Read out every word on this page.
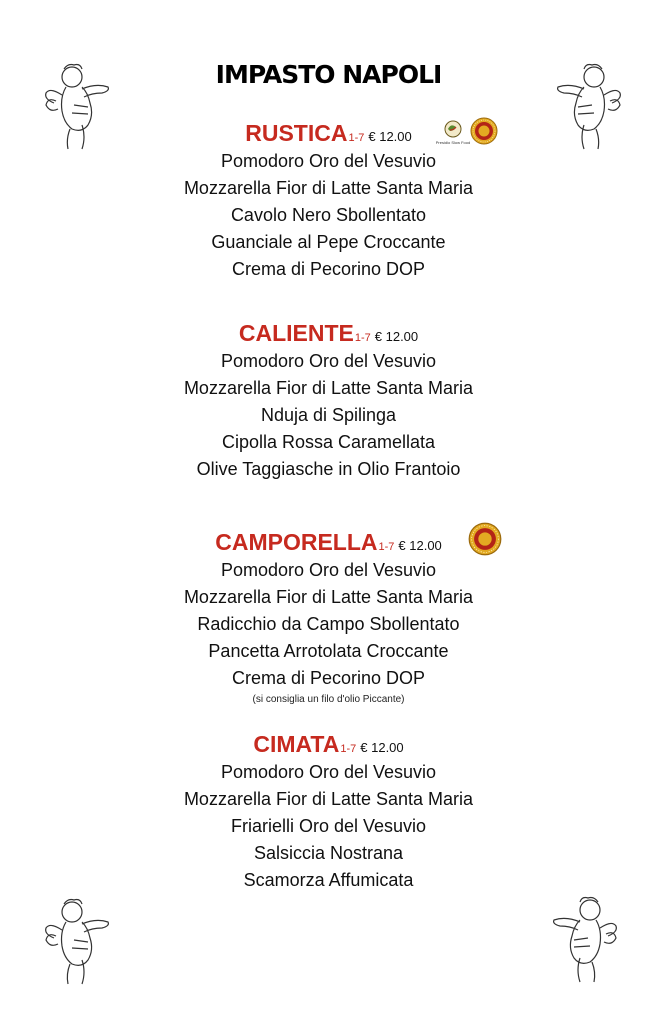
IMPASTO NAPOLI
RUSTICA1-7 € 12.00
Pomodoro Oro del Vesuvio
Mozzarella Fior di Latte Santa Maria
Cavolo Nero Sbollentato
Guanciale al Pepe Croccante
Crema di Pecorino DOP
Presidio Slow Food
CALIENTE1-7 € 12.00
Pomodoro Oro del Vesuvio
Mozzarella Fior di Latte Santa Maria
Nduja di Spilinga
Cipolla Rossa Caramellata
Olive Taggiasche in Olio Frantoio
CAMPORELLA1-7 € 12.00
Pomodoro Oro del Vesuvio
Mozzarella Fior di Latte Santa Maria
Radicchio da Campo Sbollentato
Pancetta Arrotolata Croccante
Crema di Pecorino DOP
(si consiglia un filo d'olio Piccante)
CIMATA1-7 € 12.00
Pomodoro Oro del Vesuvio
Mozzarella Fior di Latte Santa Maria
Friarielli Oro del Vesuvio
Salsiccia Nostrana
Scamorza Affumicata
